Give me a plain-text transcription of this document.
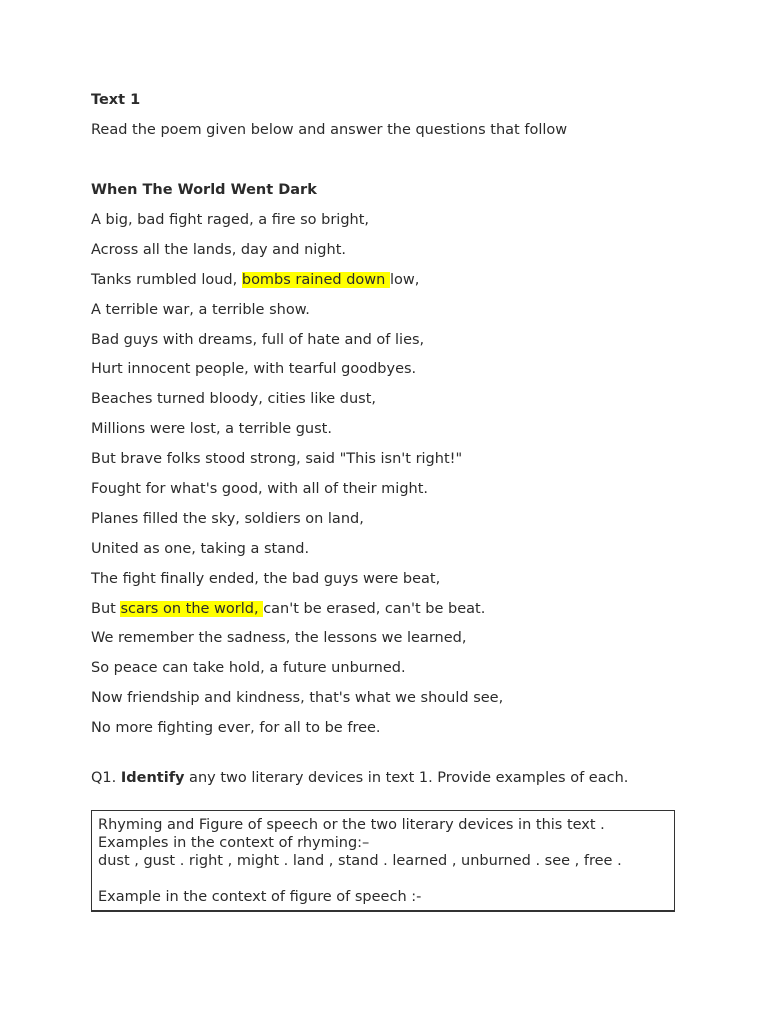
Text 1

Read the poem given below and answer the questions that follow

When The World Went Dark

A big, bad fight raged, a fire so bright,

Across all the lands, day and night.

Tanks rumbled loud, bombs rained down low,

A terrible war, a terrible show.

Bad guys with dreams, full of hate and of lies,

Hurt innocent people, with tearful goodbyes.

Beaches turned bloody, cities like dust,

Millions were lost, a terrible gust.

But brave folks stood strong, said "This isn't right!"

Fought for what's good, with all of their might.

Planes filled the sky, soldiers on land,

United as one, taking a stand.

The fight finally ended, the bad guys were beat,

But scars on the world, can't be erased, can't be beat.

We remember the sadness, the lessons we learned,

So peace can take hold, a future unburned.

Now friendship and kindness, that's what we should see,

No more fighting ever, for all to be free.

Q1. Identify any two literary devices in text 1. Provide examples of each.

Rhyming and Figure of speech or the two literary devices in this text .
Examples in the context of rhyming:–
dust , gust . right , might . land , stand . learned , unburned . see , free .
Example in the context of figure of speech :-
